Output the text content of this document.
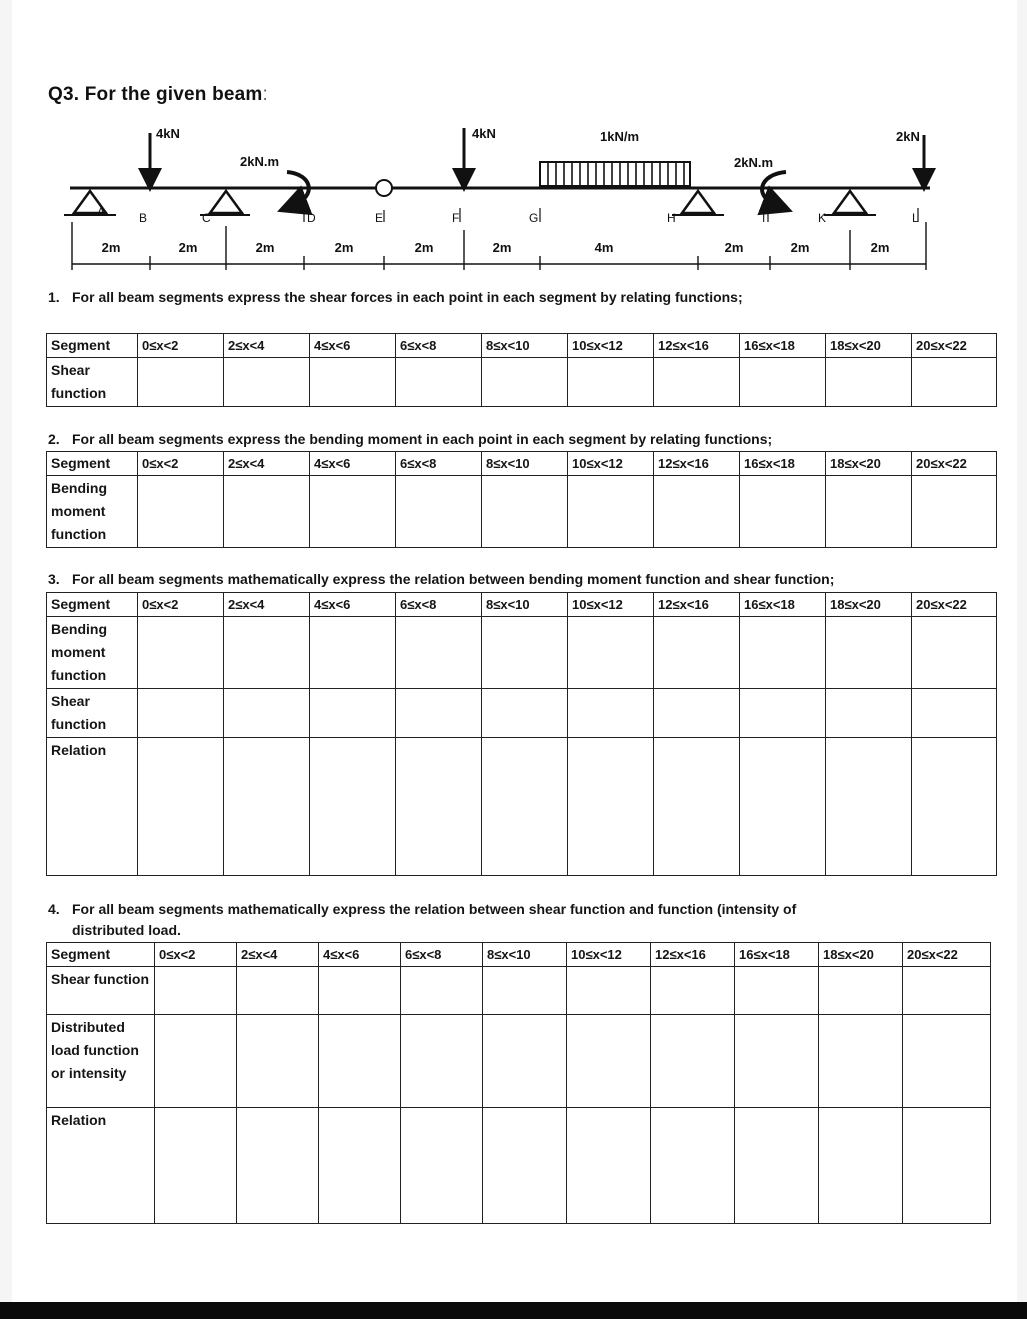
Q3. For the given beam:
4kN
2kN.m
4kN	1kN/m
2kN.m
2kN
A	B	C	D	E	F	G	H	I	K	L
2m	2m	2m	2m	2m	2m	4m	2m	2m	2m
1. For all beam segments express the shear forces in each point in each segment by relating functions;
Segment	0≤x<2	2≤x<4	4≤x<6	6≤x<8	8≤x<10	10≤x<12	12≤x<16	16≤x<18	18≤x<20	20≤x<22
Shear function										
2. For all beam segments express the bending moment in each point in each segment by relating functions;
Segment	0≤x<2	2≤x<4	4≤x<6	6≤x<8	8≤x<10	10≤x<12	12≤x<16	16≤x<18	18≤x<20	20≤x<22
Bending moment function										
3. For all beam segments mathematically express the relation between bending moment function and shear function;
Segment	0≤x<2	2≤x<4	4≤x<6	6≤x<8	8≤x<10	10≤x<12	12≤x<16	16≤x<18	18≤x<20	20≤x<22
Bending moment function										
Shear function										
Relation										
4. For all beam segments mathematically express the relation between shear function and function (intensity of
distributed load.
Segment	0≤x<2	2≤x<4	4≤x<6	6≤x<8	8≤x<10	10≤x<12	12≤x<16	16≤x<18	18≤x<20	20≤x<22
Shear function										
Distributed load function or intensity										
Relation										
